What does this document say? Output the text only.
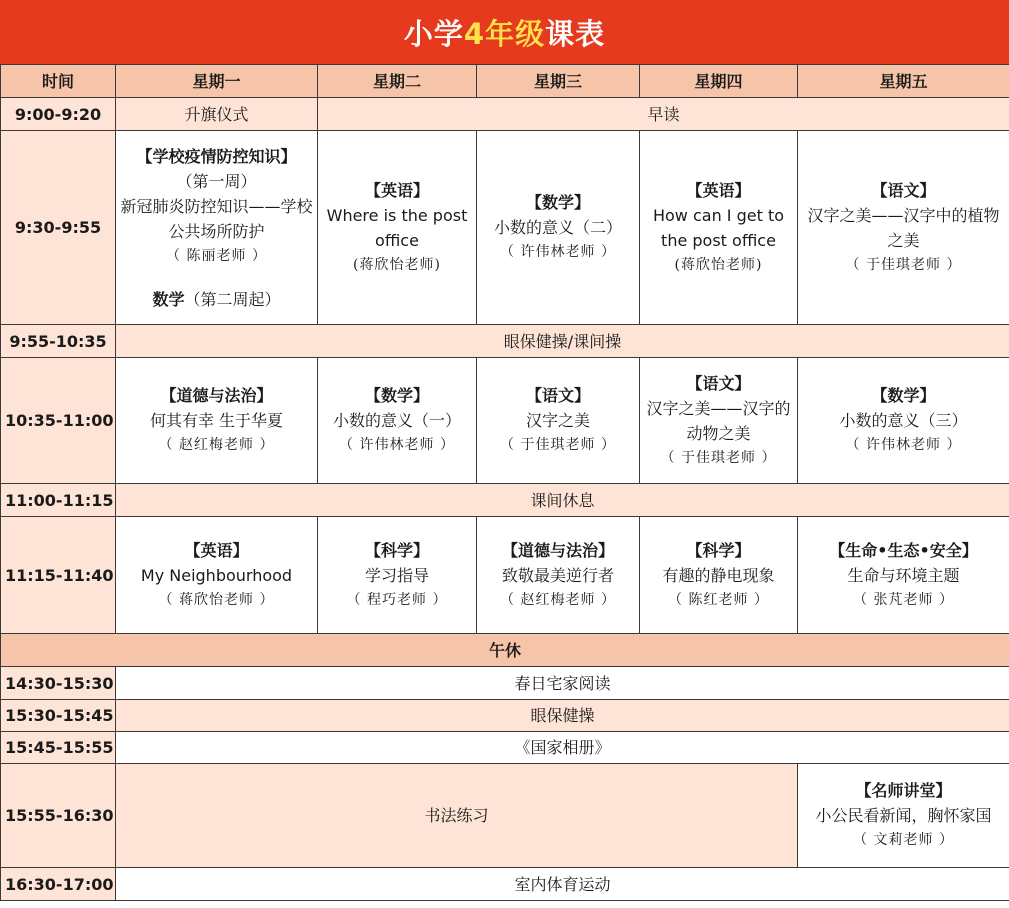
小学 4年级 课表
时间	星期一	星期二	星期三	星期四	星期五
9:00-9:20	升旗仪式	早读			
9:30-9:55	【学校疫情防控知识】
（第一周）
新冠肺炎防控知识——学校公共场所防护
（ 陈丽老师 ）
数学（第二周起）	【英语】
Where is the post office
(蒋欣怡老师)	【数学】
小数的意义（二）
（ 许伟林老师 ）	【英语】
How can I get to the post office
(蒋欣怡老师)	【语文】
汉字之美——汉字中的植物之美
（ 于佳琪老师 ）

9:55-10:35	眼保健操/课间操				
10:35-11:00	【道德与法治】
何其有幸 生于华夏
（ 赵红梅老师 ）	【数学】
小数的意义（一）
（ 许伟林老师 ）	【语文】
汉字之美
（ 于佳琪老师 ）	【语文】
汉字之美——汉字的动物之美
（ 于佳琪老师 ）	【数学】
小数的意义（三）
（ 许伟林老师 ）

11:00-11:15	课间休息				
11:15-11:40	【英语】
My Neighbourhood
（ 蒋欣怡老师 ）	【科学】
学习指导
（ 程巧老师 ）	【道德与法治】
致敬最美逆行者
（ 赵红梅老师 ）	【科学】
有趣的静电现象
（ 陈红老师 ）	【生命•生态•安全】
生命与环境主题
（ 张芃老师 ）

午休					
14:30-15:30	春日宅家阅读				
15:30-15:45	眼保健操				
15:45-15:55	《国家相册》				
15:55-16:30	书法练习				【名师讲堂】
小公民看新闻，胸怀家国
（ 文莉老师 ）

16:30-17:00	室内体育运动				
